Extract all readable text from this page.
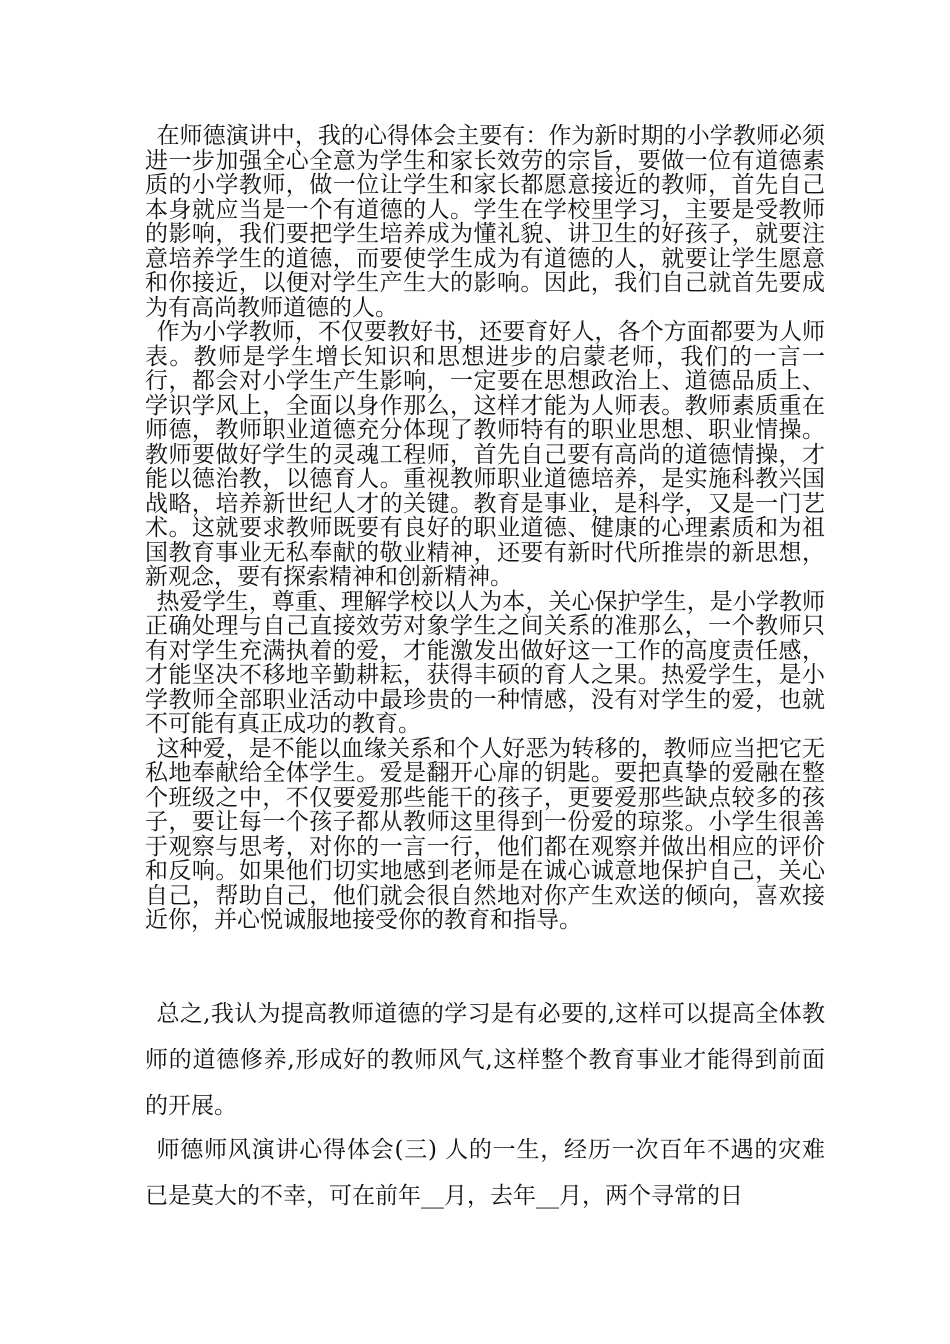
在师德演讲中，我的心得体会主要有：作为新时期的小学教师必须进一步加强全心全意为学生和家长效劳的宗旨，要做一位有道德素质的小学教师，做一位让学生和家长都愿意接近的教师，首先自己本身就应当是一个有道德的人。学生在学校里学习，主要是受教师的影响，我们要把学生培养成为懂礼貌、讲卫生的好孩子，就要注意培养学生的道德，而要使学生成为有道德的人，就要让学生愿意和你接近，以便对学生产生大的影响。因此，我们自己就首先要成为有高尚教师道德的人。

作为小学教师，不仅要教好书，还要育好人，各个方面都要为人师表。教师是学生增长知识和思想进步的启蒙老师，我们的一言一行，都会对小学生产生影响，一定要在思想政治上、道德品质上、学识学风上，全面以身作那么，这样才能为人师表。教师素质重在师德，教师职业道德充分体现了教师特有的职业思想、职业情操。教师要做好学生的灵魂工程师，首先自己要有高尚的道德情操，才能以德治教，以德育人。重视教师职业道德培养，是实施科教兴国战略，培养新世纪人才的关键。教育是事业，是科学，又是一门艺术。这就要求教师既要有良好的职业道德、健康的心理素质和为祖国教育事业无私奉献的敬业精神，还要有新时代所推崇的新思想，新观念，要有探索精神和创新精神。

热爱学生，尊重、理解学校以人为本，关心保护学生，是小学教师正确处理与自己直接效劳对象学生之间关系的准那么，一个教师只有对学生充满执着的爱，才能激发出做好这一工作的高度责任感，才能坚决不移地辛勤耕耘，获得丰硕的育人之果。热爱学生，是小学教师全部职业活动中最珍贵的一种情感，没有对学生的爱，也就不可能有真正成功的教育。

这种爱，是不能以血缘关系和个人好恶为转移的，教师应当把它无私地奉献给全体学生。爱是翻开心扉的钥匙。要把真挚的爱融在整个班级之中，不仅要爱那些能干的孩子，更要爱那些缺点较多的孩子，要让每一个孩子都从教师这里得到一份爱的琼浆。小学生很善于观察与思考，对你的一言一行，他们都在观察并做出相应的评价和反响。如果他们切实地感到老师是在诚心诚意地保护自己，关心自己，帮助自己，他们就会很自然地对你产生欢送的倾向，喜欢接近你，并心悦诚服地接受你的教育和指导。

总之,我认为提高教师道德的学习是有必要的,这样可以提高全体教师的道德修养,形成好的教师风气,这样整个教育事业才能得到前面的开展。

师德师风演讲心得体会(三) 人的一生，经历一次百年不遇的灾难已是莫大的不幸，可在前年__月，去年__月，两个寻常的日
